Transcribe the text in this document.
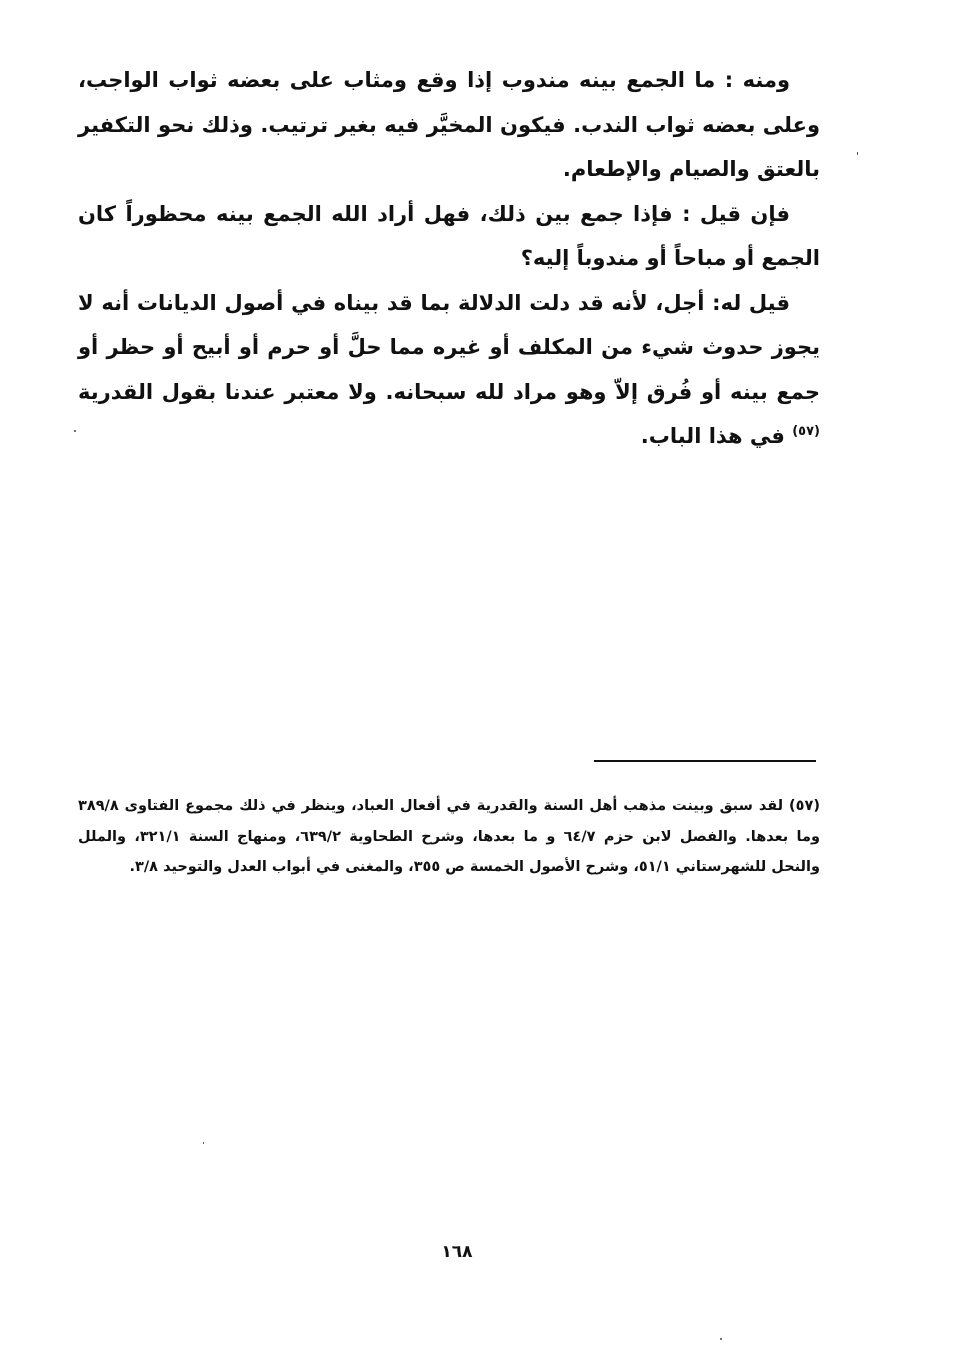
ومنه : ما الجمع بينه مندوب إذا وقع ومثاب على بعضه ثواب الواجب، وعلى بعضه ثواب الندب. فيكون المخيَّر فيه بغير ترتيب. وذلك نحو التكفير بالعتق والصيام والإطعام.

فإن قيل : فإذا جمع بين ذلك، فهل أراد الله الجمع بينه محظوراً كان الجمع أو مباحاً أو مندوباً إليه؟

قيل له: أجل، لأنه قد دلت الدلالة بما قد بيناه في أصول الديانات أنه لا يجوز حدوث شيء من المكلف أو غيره مما حلَّ أو حرم أو أبيح أو حظر أو جمع بينه أو فُرق إلاّ وهو مراد لله سبحانه. ولا معتبر عندنا بقول القدرية $^{(٥٧)}$ في هذا الباب.

(٥٧) لقد سبق وبينت مذهب أهل السنة والقدرية في أفعال العباد، وينظر في ذلك مجموع الفتاوى ٣٨٩/٨ وما بعدها. والفصل لابن حزم ٦٤/٧ و ما بعدها، وشرح الطحاوية ٦٣٩/٢، ومنهاج السنة ٣٢١/١، والملل والنحل للشهرستاني ٥١/١، وشرح الأصول الخمسة ص ٣٥٥، والمغنى في أبواب العدل والتوحيد ٣/٨.
١٦٨
